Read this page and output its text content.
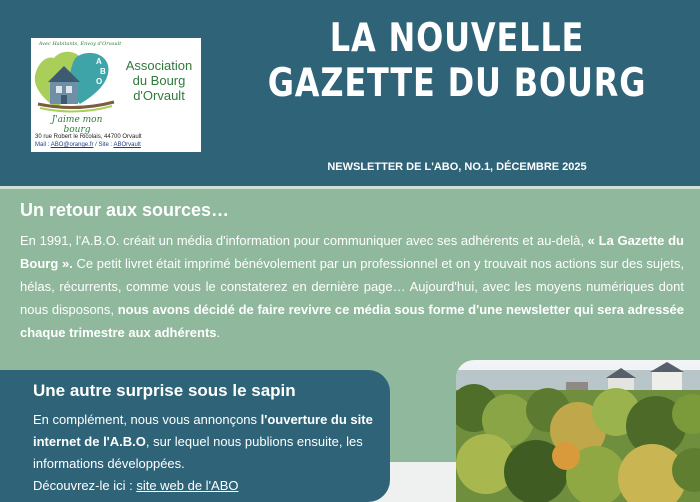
Avec Habitants, Envoy d'Orvault
A
B
O
Association
du Bourg
d'Orvault
J'aime mon bourg
30 rue Robert le Ricolais, 44700 Orvault
Mail : ABO@orange.fr / Site : ABOrvault
LA NOUVELLE
GAZETTE DU BOURG
NEWSLETTER DE L'ABO, NO.1, DÉCEMBRE 2025
Un retour aux sources…
En 1991, l'A.B.O. créait un média d'information pour communiquer avec ses adhérents et au-delà, « La Gazette du Bourg ». Ce petit livret était imprimé bénévolement par un professionnel et on y trouvait nos actions sur des sujets, hélas, récurrents, comme vous le constaterez en dernière page… Aujourd'hui, avec les moyens numériques dont nous disposons, nous avons décidé de faire revivre ce média sous forme d'une newsletter qui sera adressée chaque trimestre aux adhérents.
Une autre surprise sous le sapin
En complément, nous vous annonçons l'ouverture du site internet de l'A.B.O, sur lequel nous publions ensuite, les informations développées.
Découvrez-le ici : site web de l'ABO
